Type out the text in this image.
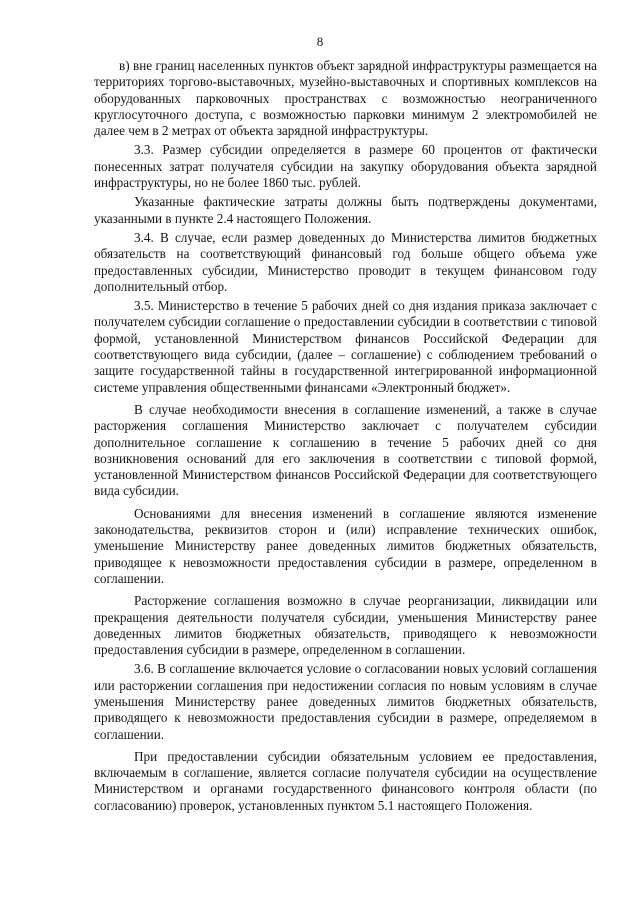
8

в) вне границ населенных пунктов объект зарядной инфраструктуры размещается на территориях торгово-выставочных, музейно-выставочных и спортивных комплексов на оборудованных парковочных пространствах с возможностью неограниченного круглосуточного доступа, с возможностью парковки минимум 2 электромобилей не далее чем в 2 метрах от объекта зарядной инфраструктуры.

3.3. Размер субсидии определяется в размере 60 процентов от фактически понесенных затрат получателя субсидии на закупку оборудования объекта зарядной инфраструктуры, но не более 1860 тыс. рублей.

Указанные фактические затраты должны быть подтверждены документами, указанными в пункте 2.4 настоящего Положения.

3.4. В случае, если размер доведенных до Министерства лимитов бюджетных обязательств на соответствующий финансовый год больше общего объема уже предоставленных субсидии, Министерство проводит в текущем финансовом году дополнительный отбор.

3.5. Министерство в течение 5 рабочих дней со дня издания приказа заключает с получателем субсидии соглашение о предоставлении субсидии в соответствии с типовой формой, установленной Министерством финансов Российской Федерации для соответствующего вида субсидии, (далее – соглашение) с соблюдением требований о защите государственной тайны в государственной интегрированной информационной системе управления общественными финансами «Электронный бюджет».

В случае необходимости внесения в соглашение изменений, а также в случае расторжения соглашения Министерство заключает с получателем субсидии дополнительное соглашение к соглашению в течение 5 рабочих дней со дня возникновения оснований для его заключения в соответствии с типовой формой, установленной Министерством финансов Российской Федерации для соответствующего вида субсидии.

Основаниями для внесения изменений в соглашение являются изменение законодательства, реквизитов сторон и (или) исправление технических ошибок, уменьшение Министерству ранее доведенных лимитов бюджетных обязательств, приводящее к невозможности предоставления субсидии в размере, определенном в соглашении.

Расторжение соглашения возможно в случае реорганизации, ликвидации или прекращения деятельности получателя субсидии, уменьшения Министерству ранее доведенных лимитов бюджетных обязательств, приводящего к невозможности предоставления субсидии в размере, определенном в соглашении.

3.6. В соглашение включается условие о согласовании новых условий соглашения или расторжении соглашения при недостижении согласия по новым условиям в случае уменьшения Министерству ранее доведенных лимитов бюджетных обязательств, приводящего к невозможности предоставления субсидии в размере, определяемом в соглашении.

При предоставлении субсидии обязательным условием ее предоставления, включаемым в соглашение, является согласие получателя субсидии на осуществление Министерством и органами государственного финансового контроля области (по согласованию) проверок, установленных пунктом 5.1 настоящего Положения.
